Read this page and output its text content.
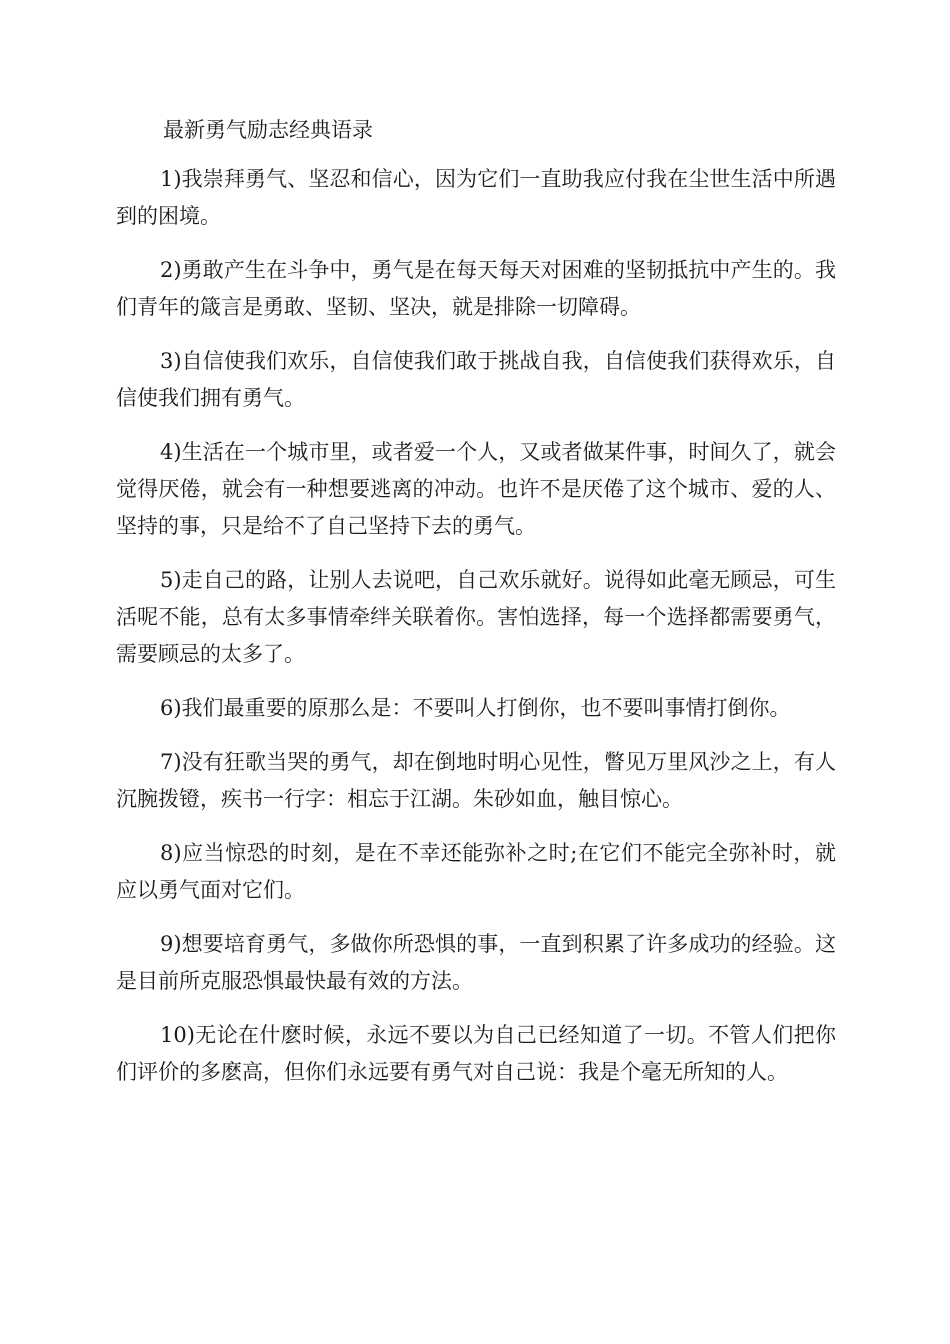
最新勇气励志经典语录

1)我崇拜勇气、坚忍和信心，因为它们一直助我应付我在尘世生活中所遇到的困境。

2)勇敢产生在斗争中，勇气是在每天每天对困难的坚韧抵抗中产生的。我们青年的箴言是勇敢、坚韧、坚决，就是排除一切障碍。

3)自信使我们欢乐，自信使我们敢于挑战自我，自信使我们获得欢乐，自信使我们拥有勇气。

4)生活在一个城市里，或者爱一个人，又或者做某件事，时间久了，就会觉得厌倦，就会有一种想要逃离的冲动。也许不是厌倦了这个城市、爱的人、坚持的事，只是给不了自己坚持下去的勇气。

5)走自己的路，让别人去说吧，自己欢乐就好。说得如此毫无顾忌，可生活呢不能，总有太多事情牵绊关联着你。害怕选择，每一个选择都需要勇气，需要顾忌的太多了。

6)我们最重要的原那么是：不要叫人打倒你，也不要叫事情打倒你。

7)没有狂歌当哭的勇气，却在倒地时明心见性，瞥见万里风沙之上，有人沉腕拨镫，疾书一行字：相忘于江湖。朱砂如血，触目惊心。

8)应当惊恐的时刻，是在不幸还能弥补之时;在它们不能完全弥补时，就应以勇气面对它们。

9)想要培育勇气，多做你所恐惧的事，一直到积累了许多成功的经验。这是目前所克服恐惧最快最有效的方法。

10)无论在什麽时候，永远不要以为自己已经知道了一切。不管人们把你们评价的多麽高，但你们永远要有勇气对自己说：我是个毫无所知的人。
